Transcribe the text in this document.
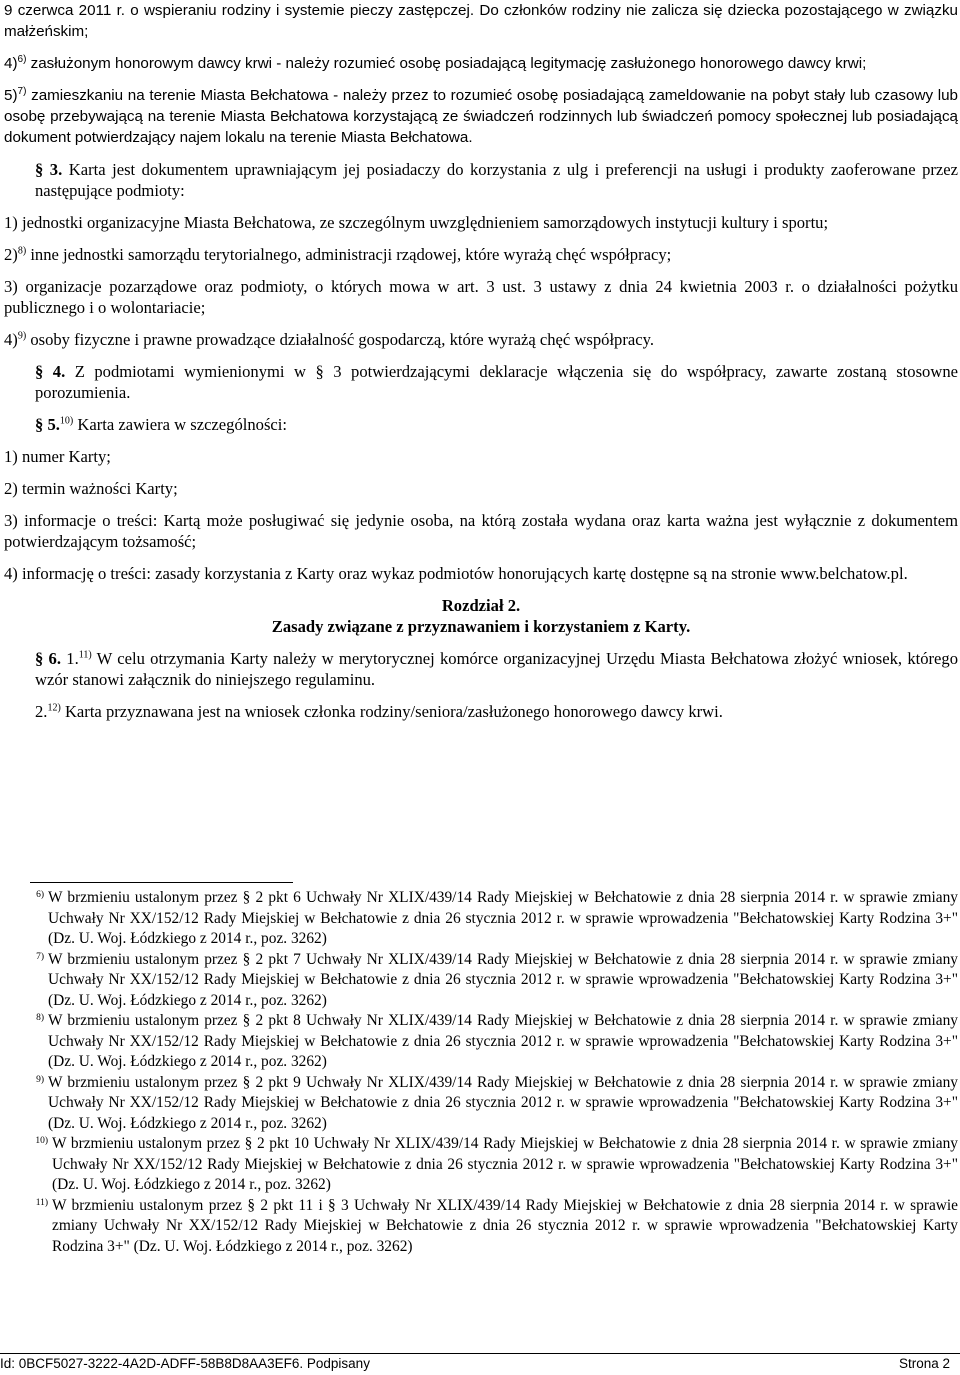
9 czerwca 2011 r. o wspieraniu rodziny i systemie pieczy zastępczej. Do członków rodziny nie zalicza się dziecka pozostającego w związku małżeńskim;

4)$^{6)}$ zasłużonym honorowym dawcy krwi - należy rozumieć osobę posiadającą legitymację zasłużonego honorowego dawcy krwi;

5)$^{7)}$ zamieszkaniu na terenie Miasta Bełchatowa - należy przez to rozumieć osobę posiadającą zameldowanie na pobyt stały lub czasowy lub osobę przebywającą na terenie Miasta Bełchatowa korzystającą ze świadczeń rodzinnych lub świadczeń pomocy społecznej lub posiadającą dokument potwierdzający najem lokalu na terenie Miasta Bełchatowa.

§ 3. Karta jest dokumentem uprawniającym jej posiadaczy do korzystania z ulg i preferencji na usługi i produkty zaoferowane przez następujące podmioty:

1) jednostki organizacyjne Miasta Bełchatowa, ze szczególnym uwzględnieniem samorządowych instytucji kultury i sportu;

2)$^{8)}$ inne jednostki samorządu terytorialnego, administracji rządowej, które wyrażą chęć współpracy;

3) organizacje pozarządowe oraz podmioty, o których mowa w art. 3 ust. 3 ustawy z dnia 24 kwietnia 2003 r. o działalności pożytku publicznego i o wolontariacie;

4)$^{9)}$ osoby fizyczne i prawne prowadzące działalność gospodarczą, które wyrażą chęć współpracy.

§ 4. Z podmiotami wymienionymi w § 3 potwierdzającymi deklaracje włączenia się do współpracy, zawarte zostaną stosowne porozumienia.

§ 5.$^{10)}$ Karta zawiera w szczególności:

1) numer Karty;

2) termin ważności Karty;

3) informacje o treści: Kartą może posługiwać się jedynie osoba, na którą została wydana oraz karta ważna jest wyłącznie z dokumentem potwierdzającym tożsamość;

4) informację o treści: zasady korzystania z Karty oraz wykaz podmiotów honorujących kartę dostępne są na stronie www.belchatow.pl.

Rozdział 2.

Zasady związane z przyznawaniem i korzystaniem z Karty.

§ 6. 1.$^{11)}$ W celu otrzymania Karty należy w merytorycznej komórce organizacyjnej Urzędu Miasta Bełchatowa złożyć wniosek, którego wzór stanowi załącznik do niniejszego regulaminu.

2.$^{12)}$ Karta przyznawana jest na wniosek członka rodziny/seniora/zasłużonego honorowego dawcy krwi.

6) W brzmieniu ustalonym przez § 2 pkt 6 Uchwały Nr XLIX/439/14 Rady Miejskiej w Bełchatowie z dnia 28 sierpnia 2014 r. w sprawie zmiany Uchwały Nr XX/152/12 Rady Miejskiej w Bełchatowie z dnia 26 stycznia 2012 r. w sprawie wprowadzenia "Bełchatowskiej Karty Rodzina 3+" (Dz. U. Woj. Łódzkiego z 2014 r., poz. 3262)
7) W brzmieniu ustalonym przez § 2 pkt 7 Uchwały Nr XLIX/439/14 Rady Miejskiej w Bełchatowie z dnia 28 sierpnia 2014 r. w sprawie zmiany Uchwały Nr XX/152/12 Rady Miejskiej w Bełchatowie z dnia 26 stycznia 2012 r. w sprawie wprowadzenia "Bełchatowskiej Karty Rodzina 3+" (Dz. U. Woj. Łódzkiego z 2014 r., poz. 3262)
8) W brzmieniu ustalonym przez § 2 pkt 8 Uchwały Nr XLIX/439/14 Rady Miejskiej w Bełchatowie z dnia 28 sierpnia 2014 r. w sprawie zmiany Uchwały Nr XX/152/12 Rady Miejskiej w Bełchatowie z dnia 26 stycznia 2012 r. w sprawie wprowadzenia "Bełchatowskiej Karty Rodzina 3+" (Dz. U. Woj. Łódzkiego z 2014 r., poz. 3262)
9) W brzmieniu ustalonym przez § 2 pkt 9 Uchwały Nr XLIX/439/14 Rady Miejskiej w Bełchatowie z dnia 28 sierpnia 2014 r. w sprawie zmiany Uchwały Nr XX/152/12 Rady Miejskiej w Bełchatowie z dnia 26 stycznia 2012 r. w sprawie wprowadzenia "Bełchatowskiej Karty Rodzina 3+" (Dz. U. Woj. Łódzkiego z 2014 r., poz. 3262)
10) W brzmieniu ustalonym przez § 2 pkt 10 Uchwały Nr XLIX/439/14 Rady Miejskiej w Bełchatowie z dnia 28 sierpnia 2014 r. w sprawie zmiany Uchwały Nr XX/152/12 Rady Miejskiej w Bełchatowie z dnia 26 stycznia 2012 r. w sprawie wprowadzenia "Bełchatowskiej Karty Rodzina 3+" (Dz. U. Woj. Łódzkiego z 2014 r., poz. 3262)
11) W brzmieniu ustalonym przez § 2 pkt 11 i § 3 Uchwały Nr XLIX/439/14 Rady Miejskiej w Bełchatowie z dnia 28 sierpnia 2014 r. w sprawie zmiany Uchwały Nr XX/152/12 Rady Miejskiej w Bełchatowie z dnia 26 stycznia 2012 r. w sprawie wprowadzenia "Bełchatowskiej Karty Rodzina 3+" (Dz. U. Woj. Łódzkiego z 2014 r., poz. 3262)
Id: 0BCF5027-3222-4A2D-ADFF-58B8D8AA3EF6. Podpisany	Strona 2
